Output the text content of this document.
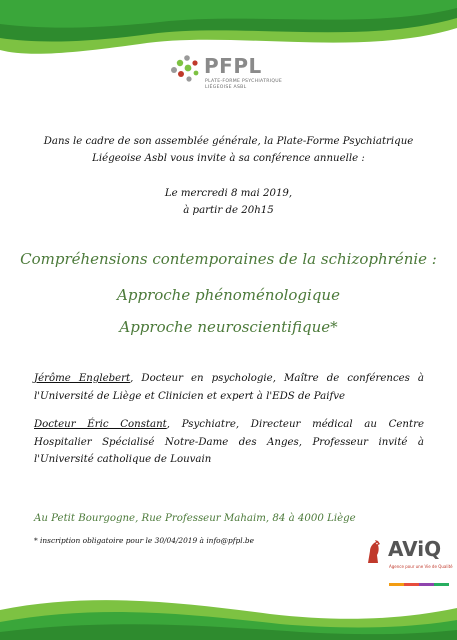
PFPL
PLATE-FORME PSYCHIATRIQUE
LIÉGEOISE ASBL
Dans le cadre de son assemblée générale, la Plate-Forme Psychiatrique
Liégeoise Asbl vous invite à sa conférence annuelle :
Le mercredi 8 mai 2019,
à partir de 20h15
Compréhensions contemporaines de la schizophrénie :
Approche phénoménologique
Approche neuroscientifique*
Jérôme Englebert, Docteur en psychologie, Maître de conférences à l'Université de Liège et Clinicien et expert à l'EDS de Paifve
Docteur Éric Constant, Psychiatre, Directeur médical au Centre Hospitalier Spécialisé Notre-Dame des Anges, Professeur invité à l'Université catholique de Louvain
Au Petit Bourgogne, Rue Professeur Mahaim, 84 à 4000 Liège
* inscription obligatoire pour le 30/04/2019 à info@pfpl.be	AViQ
Agence pour une Vie de Qualité
